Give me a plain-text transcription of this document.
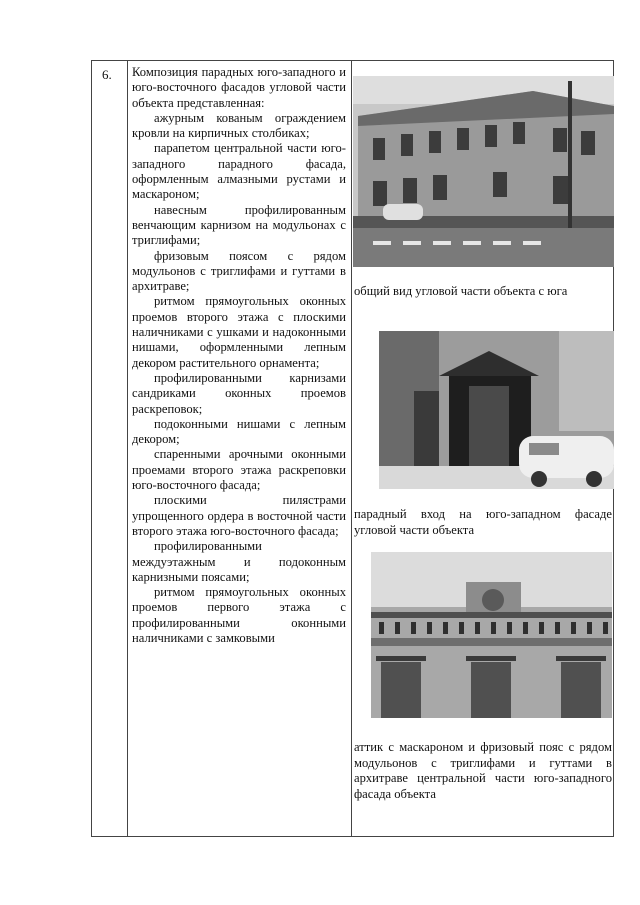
6. Композиция парадных юго-западного и юго-восточного фасадов угловой части объекта представленная:

ажурным кованым ограждением кровли на кирпичных столбиках;

парапетом центральной части юго-западного парадного фасада, оформленным алмазными рустами и маскароном;

навесным профилированным венчающим карнизом на модульонах с триглифами;

фризовым поясом с рядом модульонов с триглифами и гуттами в архитраве;

ритмом прямоугольных оконных проемов второго этажа с плоскими наличниками с ушками и надоконными нишами, оформленными лепным декором растительного орнамента;

профилированными карнизами сандриками оконных проемов раскреповок;

подоконными нишами с лепным декором;

спаренными арочными оконными проемами второго этажа раскреповки юго-восточного фасада;

плоскими пилястрами упрощенного ордера в восточной части второго этажа юго-восточного фасада;

профилированными междуэтажным и подоконным карнизными поясами;

ритмом прямоугольных оконных проемов первого этажа с профилированными оконными наличниками с замковыми

общий вид угловой части объекта с юга
парадный вход на юго-западном фасаде угловой части объекта
аттик с маскароном и фризовый пояс с рядом модульонов с триглифами и гуттами в архитраве центральной части юго-западного фасада объекта
